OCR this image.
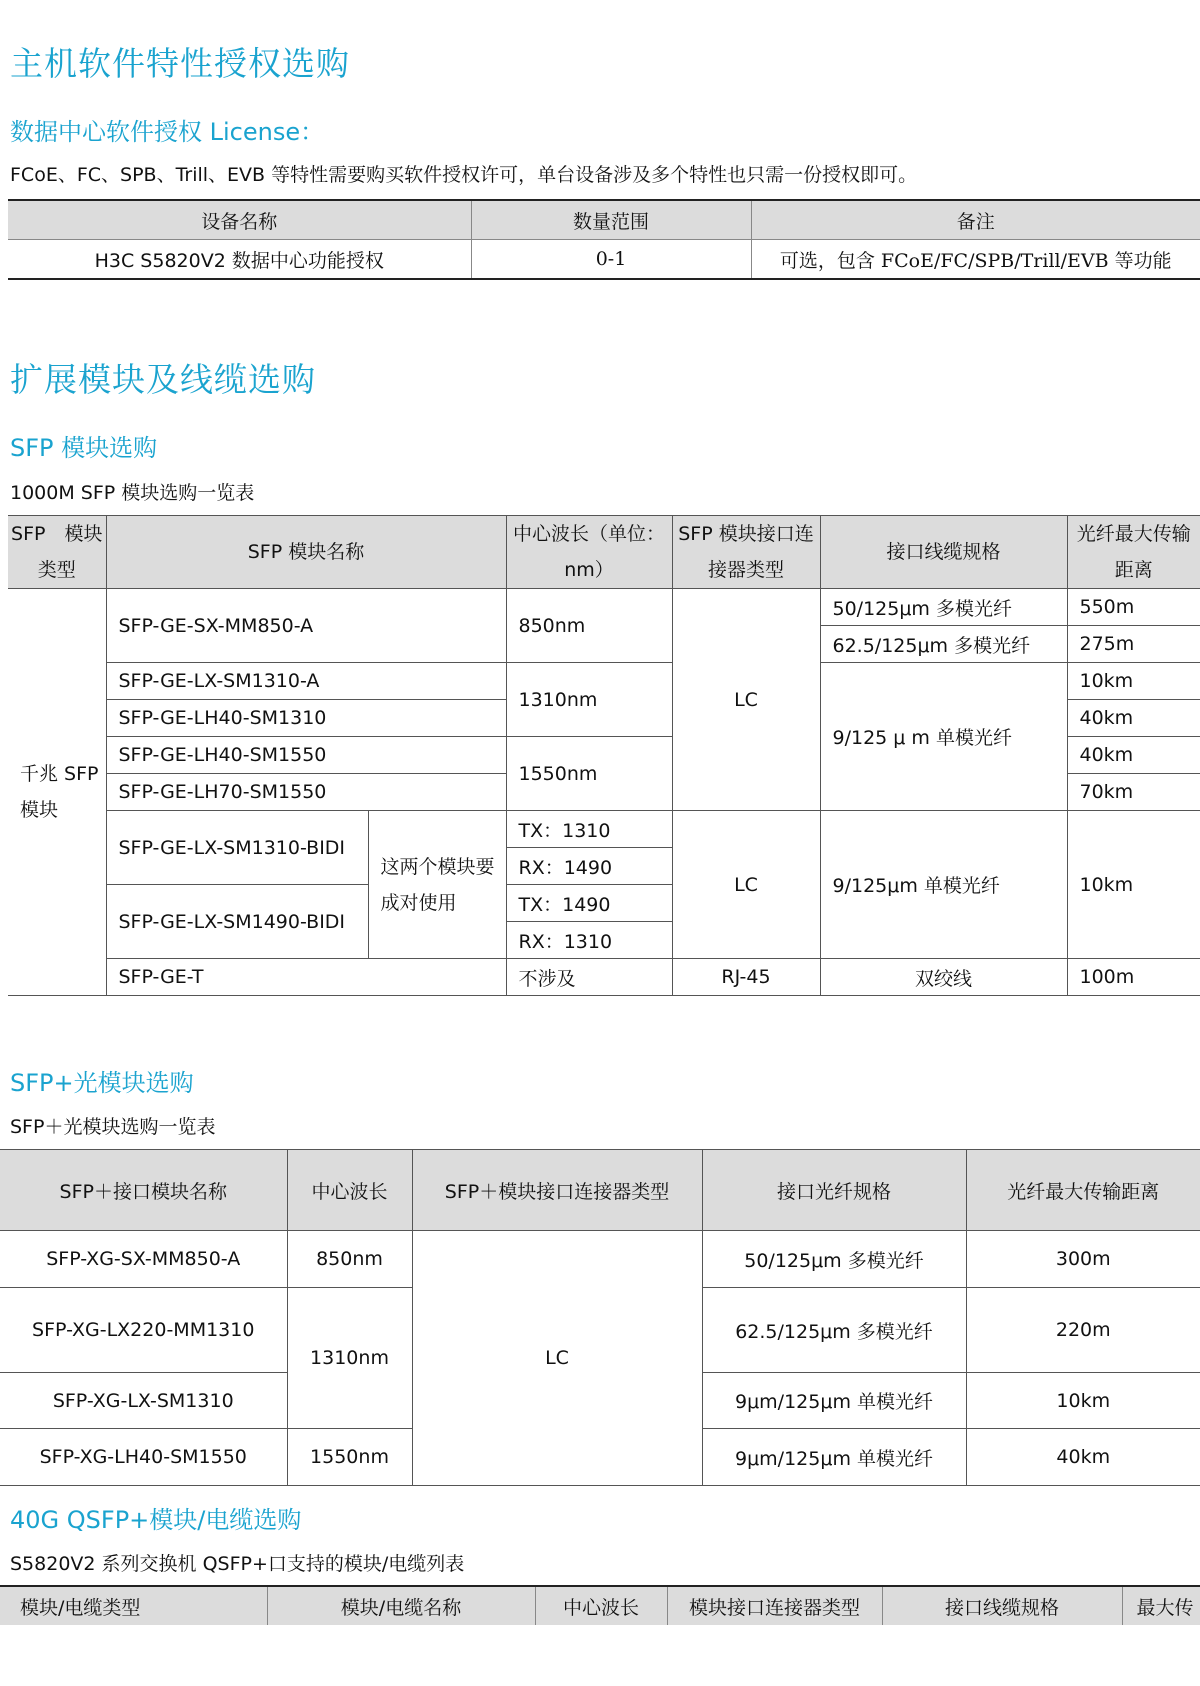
主机软件特性授权选购
数据中心软件授权 License：

FCoE、FC、SPB、Trill、EVB 等特性需要购买软件授权许可，单台设备涉及多个特性也只需一份授权即可。

设备名称	数量范围	备注
H3C S5820V2 数据中心功能授权	0-1	可选，包含 FCoE/FC/SPB/Trill/EVB 等功能
扩展模块及线缆选购
SFP 模块选购

1000M SFP 模块选购一览表

SFP　模块类型	SFP 模块名称		中心波长（单位：nm）	SFP 模块接口连接器类型	接口线缆规格	光纤最大传输距离
千兆 SFP 模块	SFP-GE-SX-MM850-A		850nm	LC	50/125μm 多模光纤	550m
					62.5/125μm 多模光纤	275m
	SFP-GE-LX-SM1310-A		1310nm		9/125 μ m 单模光纤	10km
	SFP-GE-LH40-SM1310					40km
	SFP-GE-LH40-SM1550		1550nm			40km
	SFP-GE-LH70-SM1550					70km
	SFP-GE-LX-SM1310-BIDI	这两个模块要成对使用	TX：1310	LC	9/125μm 单模光纤	10km
			RX：1490			
	SFP-GE-LX-SM1490-BIDI		TX：1490			
			RX：1310			
	SFP-GE-T		不涉及	RJ-45	双绞线	100m
SFP+光模块选购

SFP＋光模块选购一览表

SFP＋接口模块名称	中心波长	SFP＋模块接口连接器类型	接口光纤规格	光纤最大传输距离
SFP-XG-SX-MM850-A	850nm	LC	50/125μm 多模光纤	300m
SFP-XG-LX220-MM1310	1310nm		62.5/125μm 多模光纤	220m
SFP-XG-LX-SM1310			9μm/125μm 单模光纤	10km
SFP-XG-LH40-SM1550	1550nm		9μm/125μm 单模光纤	40km
40G QSFP+模块/电缆选购

S5820V2 系列交换机 QSFP+口支持的模块/电缆列表

模块/电缆类型	模块/电缆名称	中心波长	模块接口连接器类型	接口线缆规格	最大传
